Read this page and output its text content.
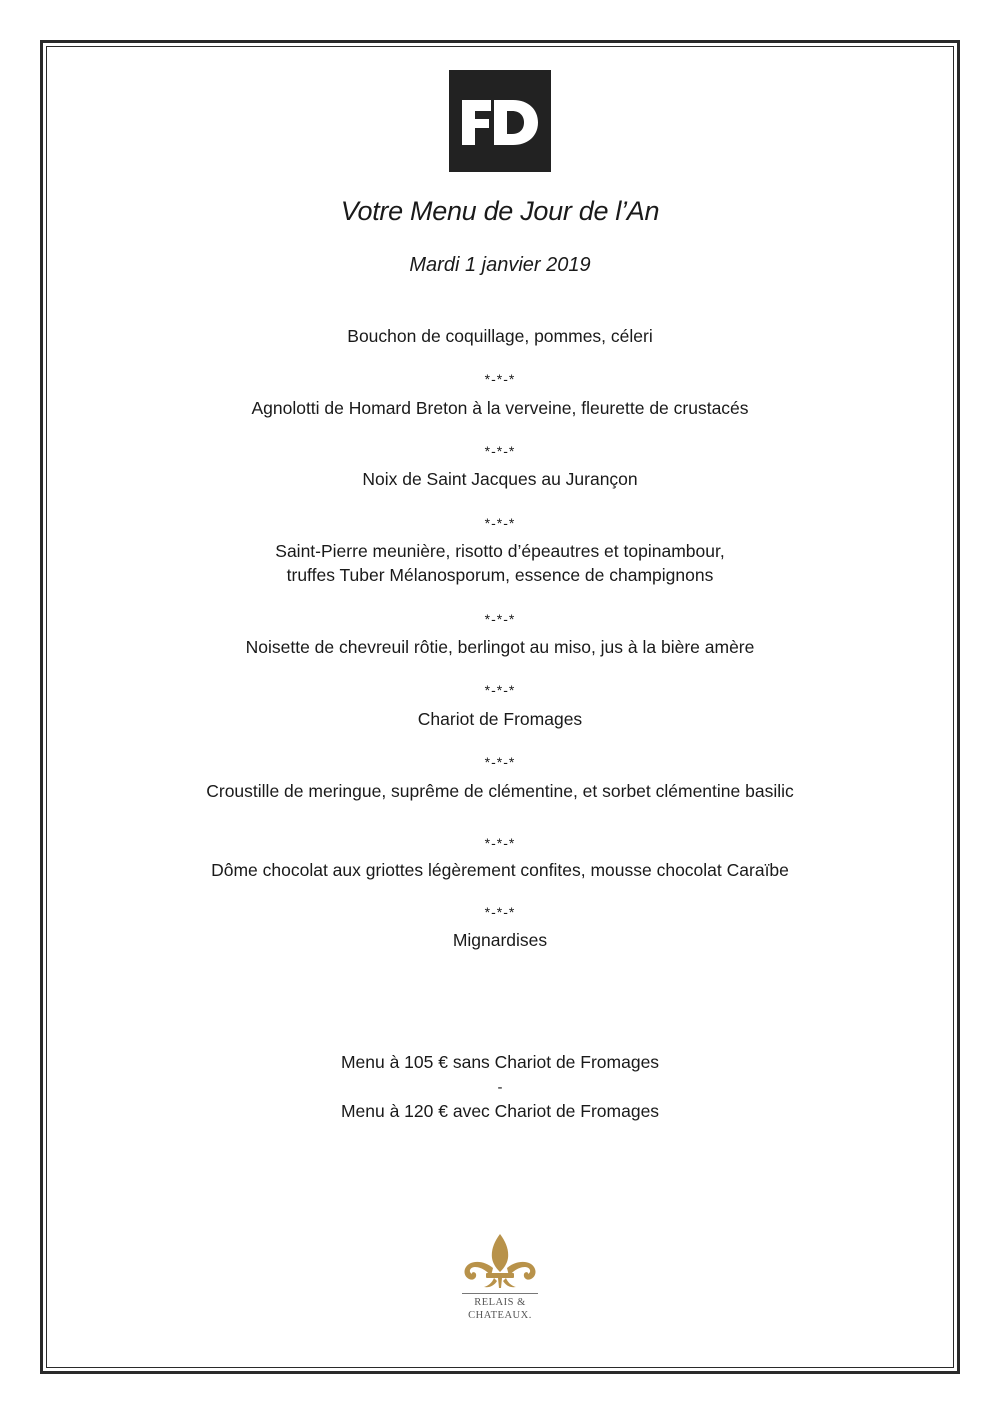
Votre Menu de Jour de l’An
Mardi 1 janvier 2019
Bouchon de coquillage, pommes, céleri
*-*-*
Agnolotti de Homard Breton à la verveine, fleurette de crustacés
*-*-*
Noix de Saint Jacques au Jurançon
*-*-*
Saint-Pierre meunière, risotto d’épeautres et topinambour,
truffes Tuber Mélanosporum, essence de champignons
*-*-*
Noisette de chevreuil rôtie, berlingot au miso, jus à la bière amère
*-*-*
Chariot de Fromages
*-*-*
Croustille de meringue, suprême de clémentine, et sorbet clémentine basilic
*-*-*
Dôme chocolat aux griottes légèrement confites, mousse chocolat Caraïbe
*-*-*
Mignardises
Menu à 105 € sans Chariot de Fromages
-
Menu à 120 € avec Chariot de Fromages
RELAIS &
CHATEAUX.
